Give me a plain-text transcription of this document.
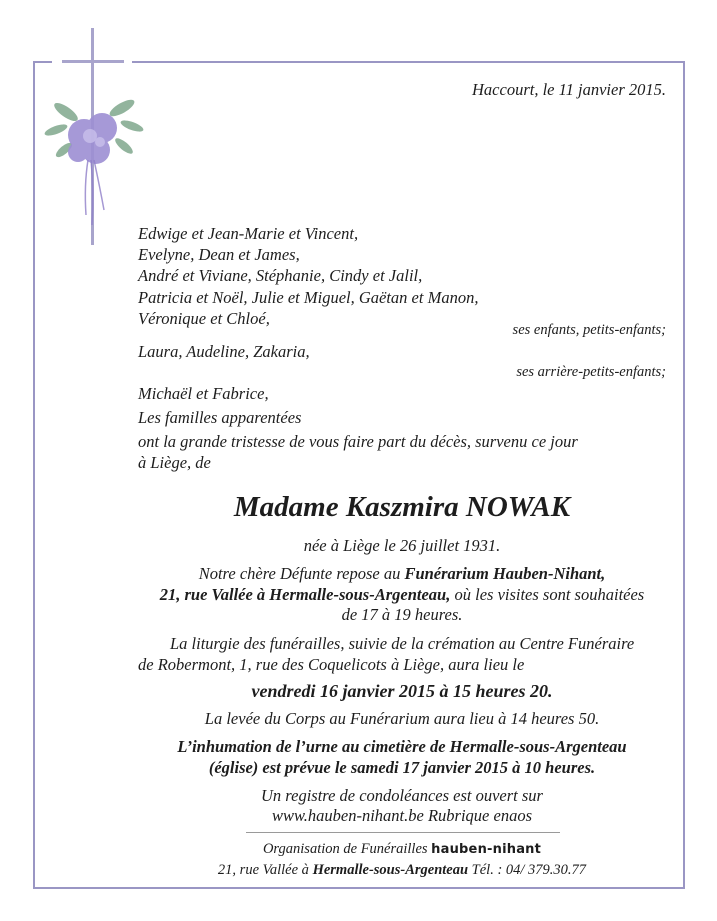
Haccourt, le 11 janvier 2015.
Edwige et Jean-Marie et Vincent,
Evelyne, Dean et James,
André et Viviane, Stéphanie, Cindy et Jalil,
Patricia et Noël, Julie et Miguel, Gaëtan et Manon,
Véronique et Chloé,
ses enfants, petits-enfants;
Laura, Audeline, Zakaria,
ses arrière-petits-enfants;
Michaël et Fabrice,
Les familles apparentées
ont la grande tristesse de vous faire part du décès, survenu ce jour
à Liège, de
Madame Kaszmira NOWAK
née à Liège le 26 juillet 1931.
Notre chère Défunte repose au Funérarium Hauben-Nihant,
21, rue Vallée à Hermalle-sous-Argenteau, où les visites sont souhaitées
de 17 à 19 heures.
La liturgie des funérailles, suivie de la crémation au Centre Funéraire
de Robermont, 1, rue des Coquelicots à Liège, aura lieu le
vendredi 16 janvier 2015 à 15 heures 20.
La levée du Corps au Funérarium aura lieu à 14 heures 50.
L’inhumation de l’urne au cimetière de Hermalle-sous-Argenteau
(église) est prévue le samedi 17 janvier 2015 à 10 heures.
Un registre de condoléances est ouvert sur
www.hauben-nihant.be Rubrique enaos
Organisation de Funérailles hauben-nihant
21, rue Vallée à Hermalle-sous-Argenteau Tél. : 04/ 379.30.77
